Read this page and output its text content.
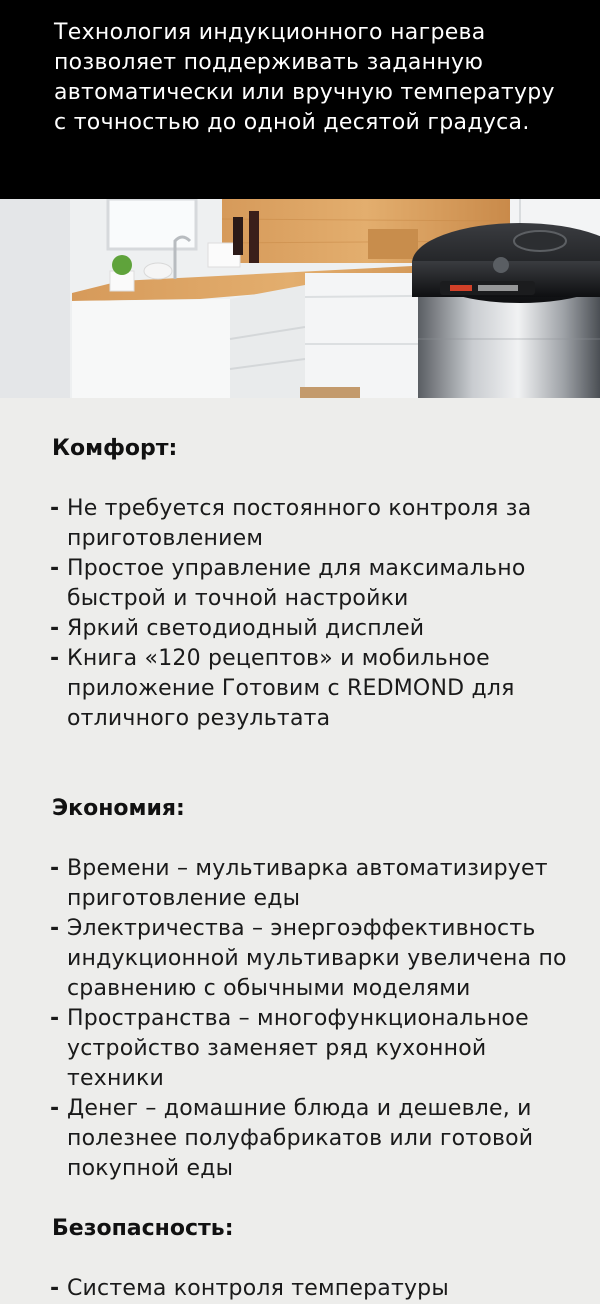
Технология индукционного нагрева позволяет поддерживать заданную автоматически или вручную температуру с точностью до одной десятой градуса.

Комфорт:
- Не требуется постоянного контроля за приготовлением
- Простое управление для максимально быстрой и точной настройки
- Яркий светодиодный дисплей
- Книга «120 рецептов» и мобильное приложение Готовим с REDMOND для отличного результата
Экономия:
- Времени – мультиварка автоматизирует приготовление еды
- Электричества – энергоэффективность индукционной мультиварки увеличена по сравнению с обычными моделями
- Пространства – многофункциональное устройство заменяет ряд кухонной техники
- Денег – домашние блюда и дешевле, и полезнее полуфабрикатов или готовой покупной еды
Безопасность:
- Система контроля температуры
